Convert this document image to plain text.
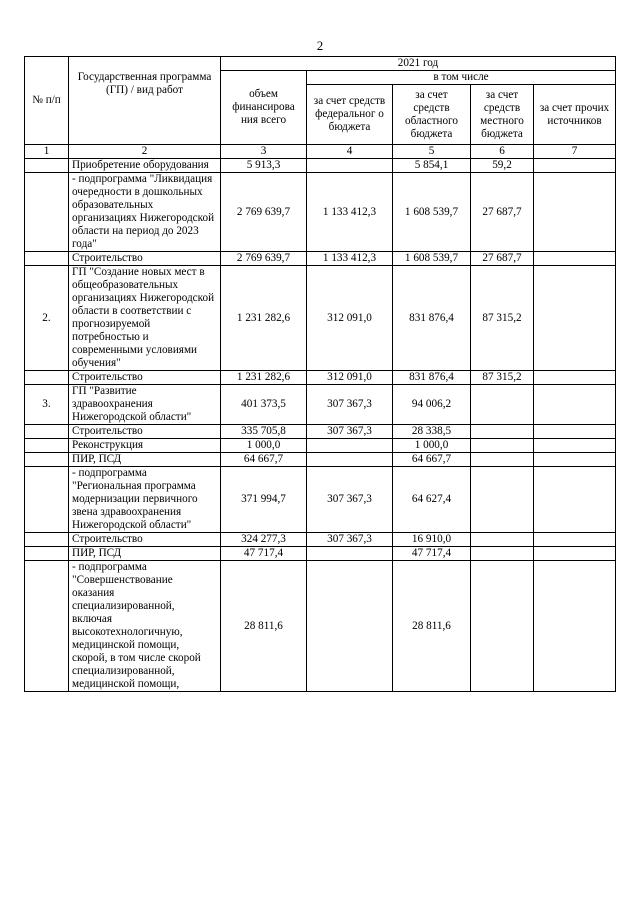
2
№ п/п	Государственная программа (ГП) / вид работ	2021 год				
		объем финансирова ния всего	в том числе			
			за счет средств федеральног о бюджета	за счет средств областного бюджета	за счет средств местного бюджета	за счет прочих источников
1	2	3	4	5	6	7
	Приобретение оборудования	5 913,3		5 854,1	59,2	
	- подпрограмма "Ликвидация очередности в дошкольных образовательных организациях Нижегородской области на период до 2023 года"	2 769 639,7	1 133 412,3	1 608 539,7	27 687,7	
	Строительство	2 769 639,7	1 133 412,3	1 608 539,7	27 687,7	
2.	ГП "Создание новых мест в общеобразовательных организациях Нижегородской области в соответствии с прогнозируемой потребностью и современными условиями обучения"	1 231 282,6	312 091,0	831 876,4	87 315,2	
	Строительство	1 231 282,6	312 091,0	831 876,4	87 315,2	
3.	ГП "Развитие здравоохранения Нижегородской области"	401 373,5	307 367,3	94 006,2		
	Строительство	335 705,8	307 367,3	28 338,5		
	Реконструкция	1 000,0		1 000,0		
	ПИР, ПСД	64 667,7		64 667,7		
	- подпрограмма "Региональная программа модернизации первичного звена здравоохранения Нижегородской области"	371 994,7	307 367,3	64 627,4		
	Строительство	324 277,3	307 367,3	16 910,0		
	ПИР, ПСД	47 717,4		47 717,4		
	- подпрограмма "Совершенствование оказания специализированной, включая высокотехнологичную, медицинской помощи, скорой, в том числе скорой специализированной, медицинской помощи,	28 811,6		28 811,6		
